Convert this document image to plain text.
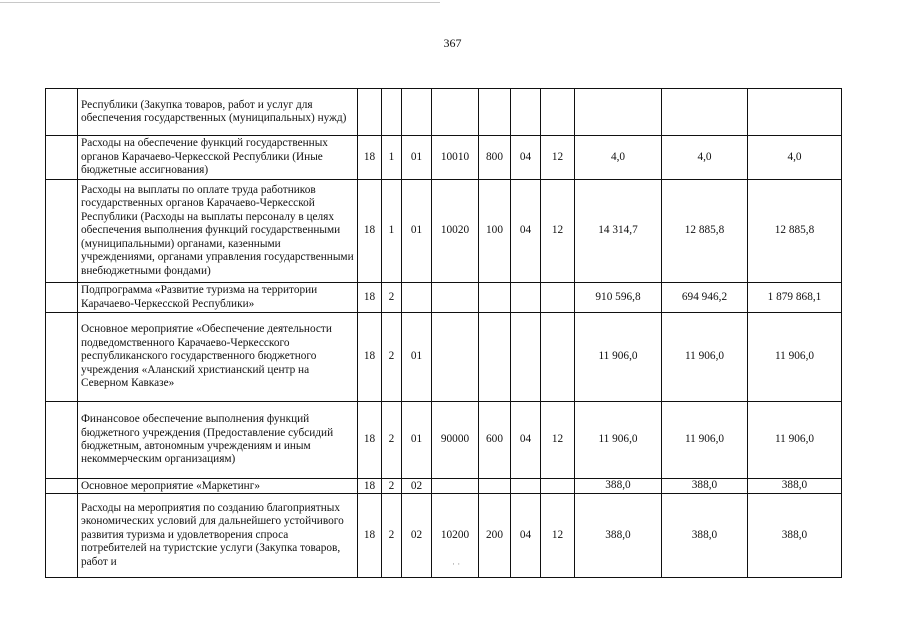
367
	Республики (Закупка товаров, работ и услуг для обеспечения государственных (муниципальных) нужд)										
	Расходы на обеспечение функций государственных органов Карачаево-Черкесской Республики (Иные бюджетные ассигнования)	18	1	01	10010	800	04	12	4,0	4,0	4,0
	Расходы на выплаты по оплате труда работников государственных органов Карачаево-Черкесской Республики (Расходы на выплаты персоналу в целях обеспечения выполнения функций государственными (муниципальными) органами, казенными учреждениями, органами управления государственными внебюджетными фондами)	18	1	01	10020	100	04	12	14 314,7	12 885,8	12 885,8
	Подпрограмма «Развитие туризма на территории Карачаево-Черкесской Республики»	18	2						910 596,8	694 946,2	1 879 868,1
	Основное мероприятие «Обеспечение деятельности подведомственного Карачаево-Черкесского республиканского государственного бюджетного учреждения «Аланский христианский центр на Северном Кавказе»	18	2	01					11 906,0	11 906,0	11 906,0
	Финансовое обеспечение выполнения функций бюджетного учреждения (Предоставление субсидий бюджетным, автономным учреждениям и иным некоммерческим организациям)	18	2	01	90000	600	04	12	11 906,0	11 906,0	11 906,0
	Основное мероприятие «Маркетинг»	18	2	02					388,0	388,0	388,0
	Расходы на мероприятия по созданию благоприятных экономических условий для дальнейшего устойчивого развития туризма и удовлетворения спроса потребителей на туристские услуги (Закупка товаров, работ и	18	2	02	10200	200	04	12	388,0	388,0	388,0
· ·
